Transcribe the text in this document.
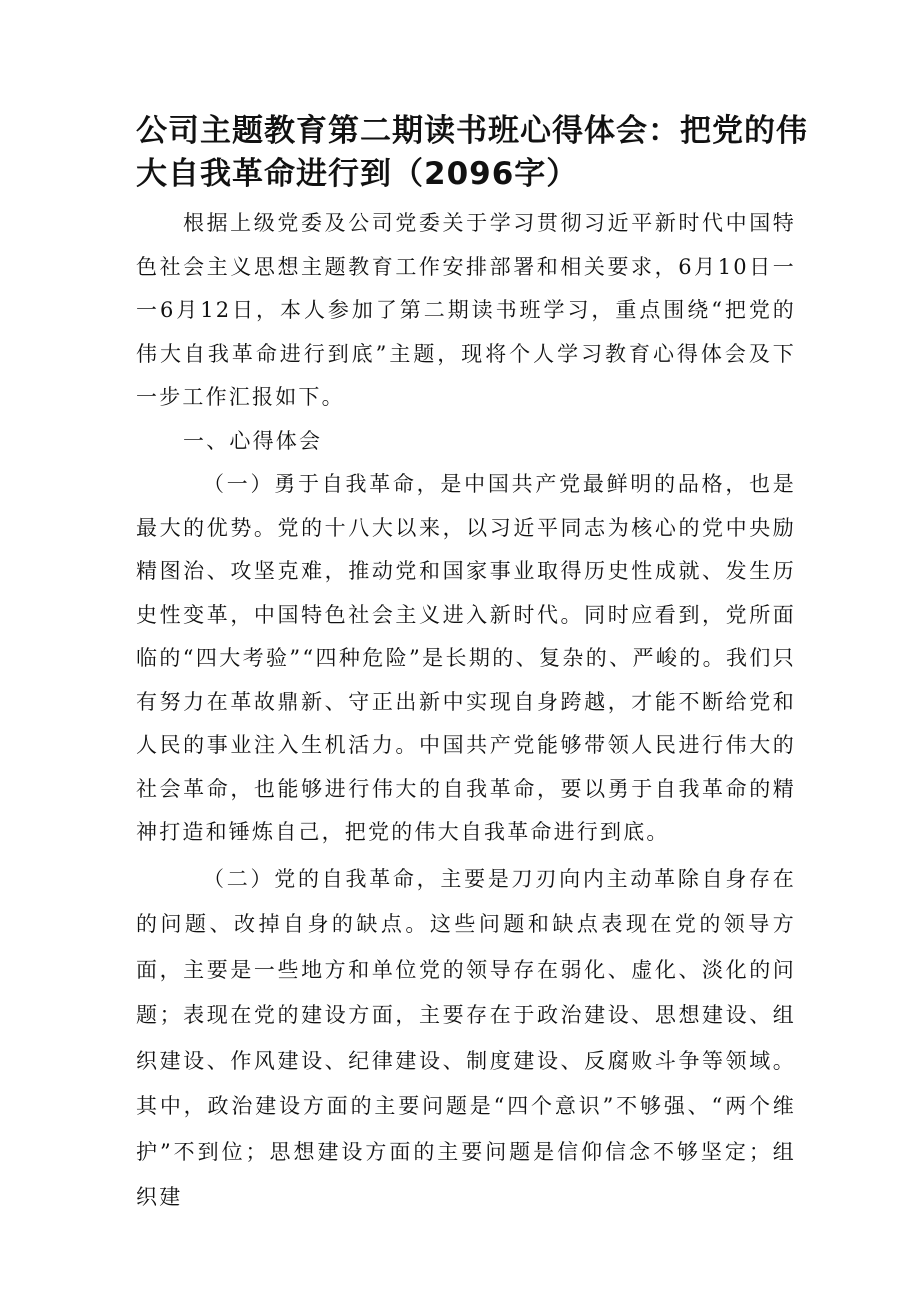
公司主题教育第二期读书班心得体会：把党的伟大自我革命进行到（2096字）

根据上级党委及公司党委关于学习贯彻习近平新时代中国特色社会主义思想主题教育工作安排部署和相关要求，6月10日一一6月12日，本人参加了第二期读书班学习，重点围绕“把党的伟大自我革命进行到底”主题，现将个人学习教育心得体会及下一步工作汇报如下。

一、心得体会

（一）勇于自我革命，是中国共产党最鲜明的品格，也是最大的优势。党的十八大以来，以习近平同志为核心的党中央励精图治、攻坚克难，推动党和国家事业取得历史性成就、发生历史性变革，中国特色社会主义进入新时代。同时应看到，党所面临的“四大考验”“四种危险”是长期的、复杂的、严峻的。我们只有努力在革故鼎新、守正出新中实现自身跨越，才能不断给党和人民的事业注入生机活力。中国共产党能够带领人民进行伟大的社会革命，也能够进行伟大的自我革命，要以勇于自我革命的精神打造和锤炼自己，把党的伟大自我革命进行到底。

（二）党的自我革命，主要是刀刃向内主动革除自身存在的问题、改掉自身的缺点。这些问题和缺点表现在党的领导方面，主要是一些地方和单位党的领导存在弱化、虚化、淡化的问题；表现在党的建设方面，主要存在于政治建设、思想建设、组织建设、作风建设、纪律建设、制度建设、反腐败斗争等领域。其中，政治建设方面的主要问题是“四个意识”不够强、“两个维护”不到位；思想建设方面的主要问题是信仰信念不够坚定；组织建
